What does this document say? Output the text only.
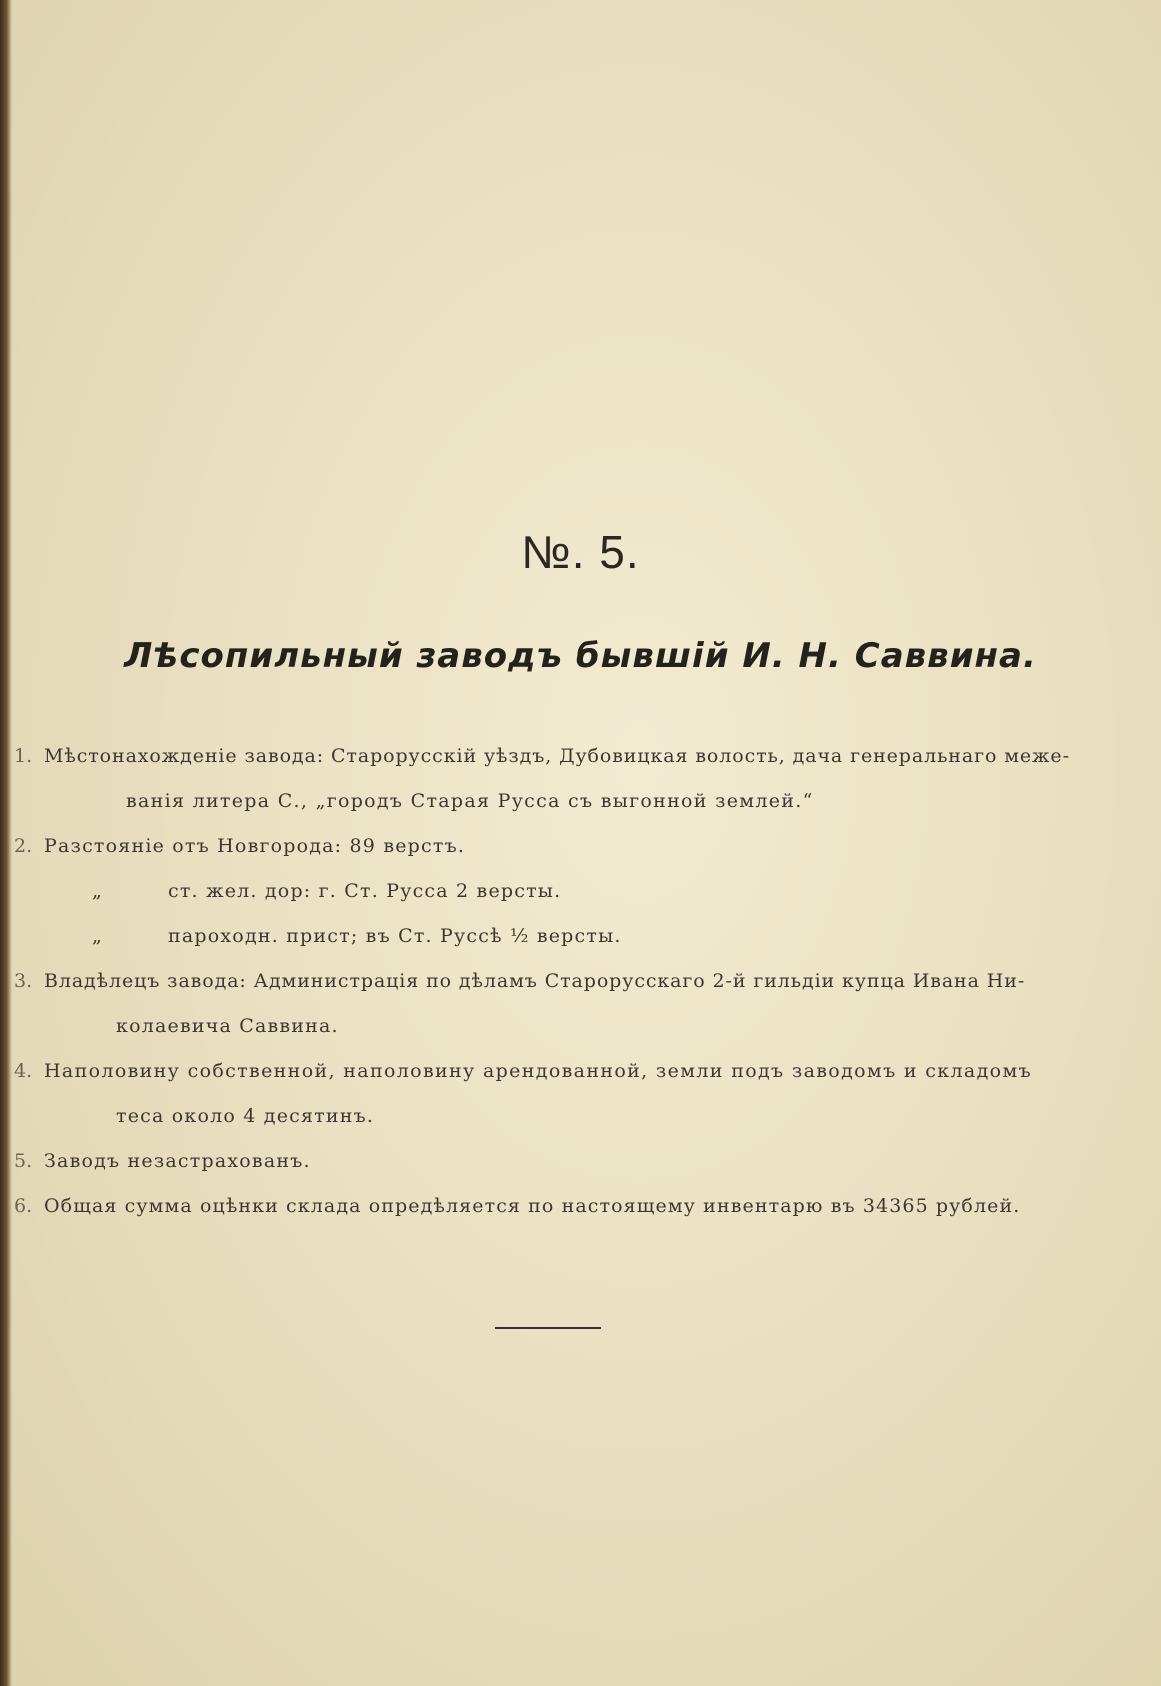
№. 5.
Лѣсопильный заводъ бывшій И. Н. Саввина.
1. Мѣстонахожденіе завода: Старорусскій уѣздъ, Дубовицкая волость, дача генеральнаго меже-
ванія литера С., „городъ Старая Русса съ выгонной землей.“
2. Разстояніе отъ Новгорода: 89 верстъ.
„	ст. жел. дор: г. Ст. Русса 2 версты.
„	пароходн. прист; въ Ст. Руссѣ ½ версты.
3. Владѣлецъ завода: Администрація по дѣламъ Старорусскаго 2-й гильдіи купца Ивана Ни-
колаевича Саввина.
4. Наполовину собственной, наполовину арендованной, земли подъ заводомъ и складомъ
теса около 4 десятинъ.
5. Заводъ незастрахованъ.
6. Общая сумма оцѣнки склада опредѣляется по настоящему инвентарю въ 34365 рублей.
